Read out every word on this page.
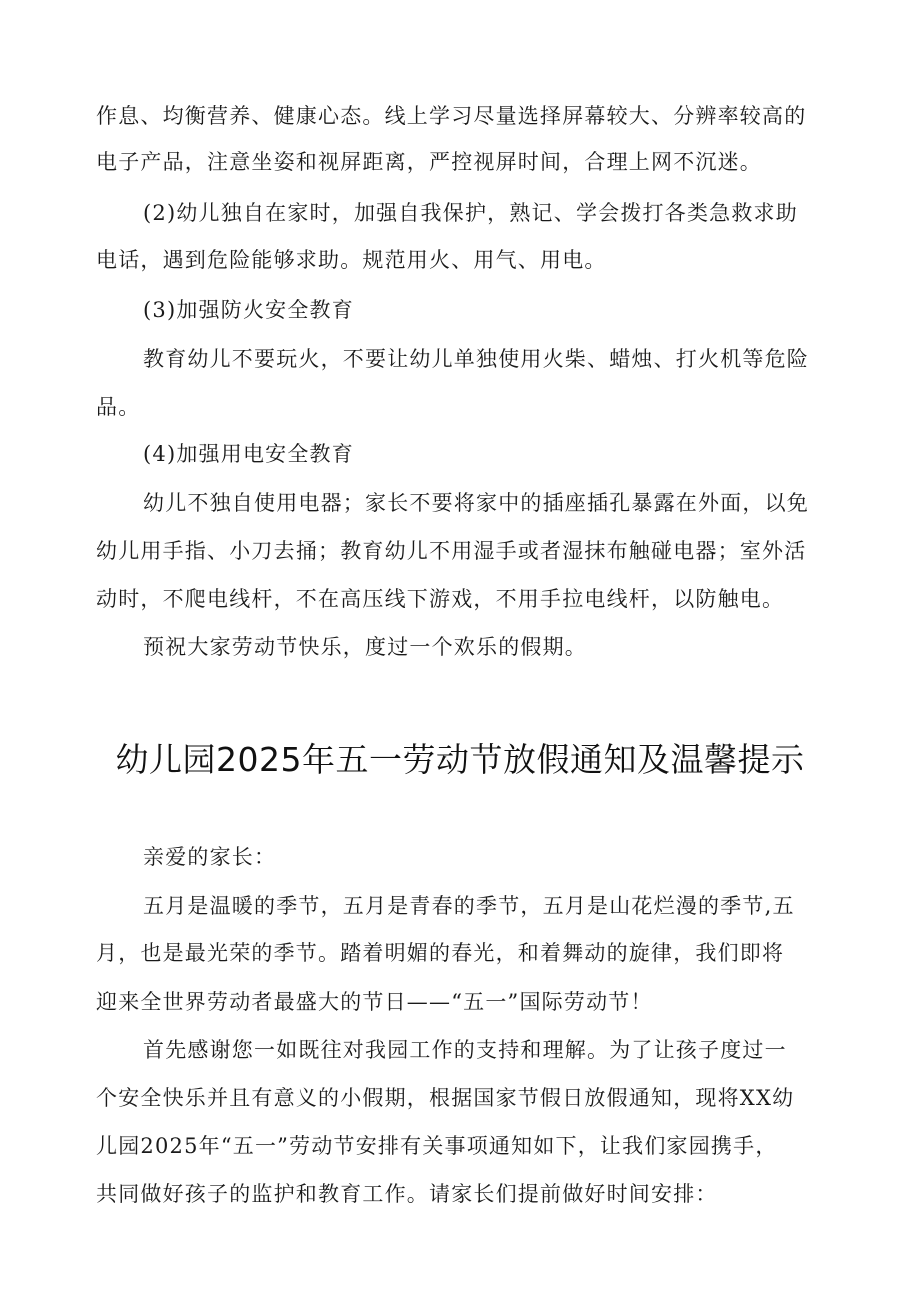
作息、均衡营养、健康心态。线上学习尽量选择屏幕较大、分辨率较高的
电子产品，注意坐姿和视屏距离，严控视屏时间，合理上网不沉迷。
(2)幼儿独自在家时，加强自我保护，熟记、学会拨打各类急救求助
电话，遇到危险能够求助。规范用火、用气、用电。
(3)加强防火安全教育
教育幼儿不要玩火，不要让幼儿单独使用火柴、蜡烛、打火机等危险
品。
(4)加强用电安全教育
幼儿不独自使用电器；家长不要将家中的插座插孔暴露在外面，以免
幼儿用手指、小刀去捅；教育幼儿不用湿手或者湿抹布触碰电器；室外活
动时，不爬电线杆，不在高压线下游戏，不用手拉电线杆，以防触电。
预祝大家劳动节快乐，度过一个欢乐的假期。
幼儿园2025年五一劳动节放假通知及温馨提示
亲爱的家长：
五月是温暖的季节，五月是青春的季节，五月是山花烂漫的季节,五
月，也是最光荣的季节。踏着明媚的春光，和着舞动的旋律，我们即将
迎来全世界劳动者最盛大的节日——“五一”国际劳动节！
首先感谢您一如既往对我园工作的支持和理解。为了让孩子度过一
个安全快乐并且有意义的小假期，根据国家节假日放假通知，现将XX幼
儿园2025年“五一”劳动节安排有关事项通知如下，让我们家园携手，
共同做好孩子的监护和教育工作。请家长们提前做好时间安排：
